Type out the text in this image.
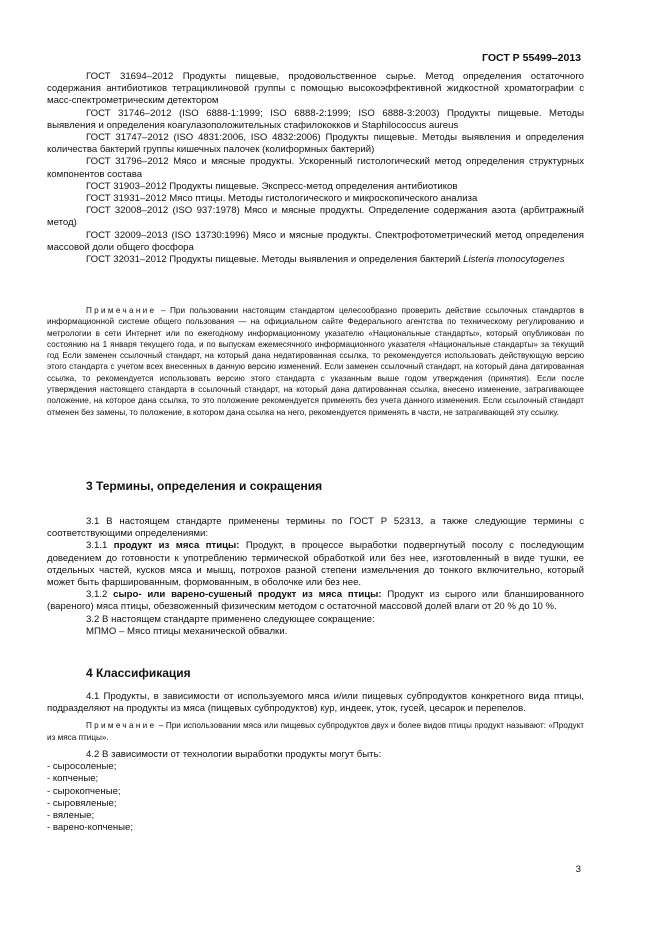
ГОСТ Р 55499–2013

ГОСТ 31694–2012 Продукты пищевые, продовольственное сырье. Метод определения остаточного содержания антибиотиков тетрациклиновой группы с помощью высокоэффективной жидкостной хроматографии с масс-спектрометрическим детектором

ГОСТ 31746–2012 (ISO 6888-1:1999; ISO 6888-2:1999; ISO 6888-3:2003) Продукты пищевые. Методы выявления и определения коагулазоположительных стафилококков и Staphilococcus aureus

ГОСТ 31747–2012 (ISO 4831:2006, ISO 4832:2006) Продукты пищевые. Методы выявления и определения количества бактерий группы кишечных палочек (колиформных бактерий)

ГОСТ 31796–2012 Мясо и мясные продукты. Ускоренный гистологический метод определения структурных компонентов состава

ГОСТ 31903–2012 Продукты пищевые. Экспресс-метод определения антибиотиков

ГОСТ 31931–2012 Мясо птицы. Методы гистологического и микроскопического анализа

ГОСТ 32008–2012 (ISO 937:1978) Мясо и мясные продукты. Определение содержания азота (арбитражный метод)

ГОСТ 32009–2013 (ISO 13730:1996) Мясо и мясные продукты. Спектрофотометрический метод определения массовой доли общего фосфора

ГОСТ 32031–2012 Продукты пищевые. Методы выявления и определения бактерий Listeria monocytogenes

Примечание – При пользовании настоящим стандартом целесообразно проверить действие ссылочных стандартов в информационной системе общего пользования — на официальном сайте Федерального агентства по техническому регулированию и метрологии в сети Интернет или по ежегодному информационному указателю «Национальные стандарты», который опубликован по состоянию на 1 января текущего года, и по выпускам ежемесячного информационного указателя «Национальные стандарты» за текущий год Если заменен ссылочный стандарт, на который дана недатированная ссылка, то рекомендуется использовать действующую версию этого стандарта с учетом всех внесенных в данную версию изменений. Если заменен ссылочный стандарт, на который дана датированная ссылка, то рекомендуется использовать версию этого стандарта с указанным выше годом утверждения (принятия). Если после утверждения настоящего стандарта в ссылочный стандарт, на который дана датированная ссылка, внесено изменение, затрагивающее положение, на которое дана ссылка, то это положение рекомендуется применять без учета данного изменения. Если ссылочный стандарт отменен без замены, то положение, в котором дана ссылка на него, рекомендуется применять в части, не затрагивающей эту ссылку.

3 Термины, определения и сокращения

3.1 В настоящем стандарте применены термины по ГОСТ Р 52313, а также следующие термины с соответствующими определениями:

3.1.1 продукт из мяса птицы: Продукт, в процессе выработки подвергнутый посолу с последующим доведением до готовности к употреблению термической обработкой или без нее, изготовленный в виде тушки, ее отдельных частей, кусков мяса и мышц, потрохов разной степени измельчения до тонкого включительно, который может быть фаршированным, формованным, в оболочке или без нее.

3.1.2 сыро- или варено-сушеный продукт из мяса птицы: Продукт из сырого или бланшированного (вареного) мяса птицы, обезвоженный физическим методом с остаточной массовой долей влаги от 20 % до 10 %.

3.2 В настоящем стандарте применено следующее сокращение:

МПМО – Мясо птицы механической обвалки.

4 Классификация

4.1 Продукты, в зависимости от используемого мяса и/или пищевых субпродуктов конкретного вида птицы, подразделяют на продукты из мяса (пищевых субпродуктов) кур, индеек, уток, гусей, цесарок и перепелов.

Примечание – При использовании мяса или пищевых субпродуктов двух и более видов птицы продукт называют: «Продукт из мяса птицы».

4.2 В зависимости от технологии выработки продукты могут быть:

- сыросоленые;
- копченые;
- сырокопченые;
- сыровяленые;
- вяленые;
- варено-копченые;
3
